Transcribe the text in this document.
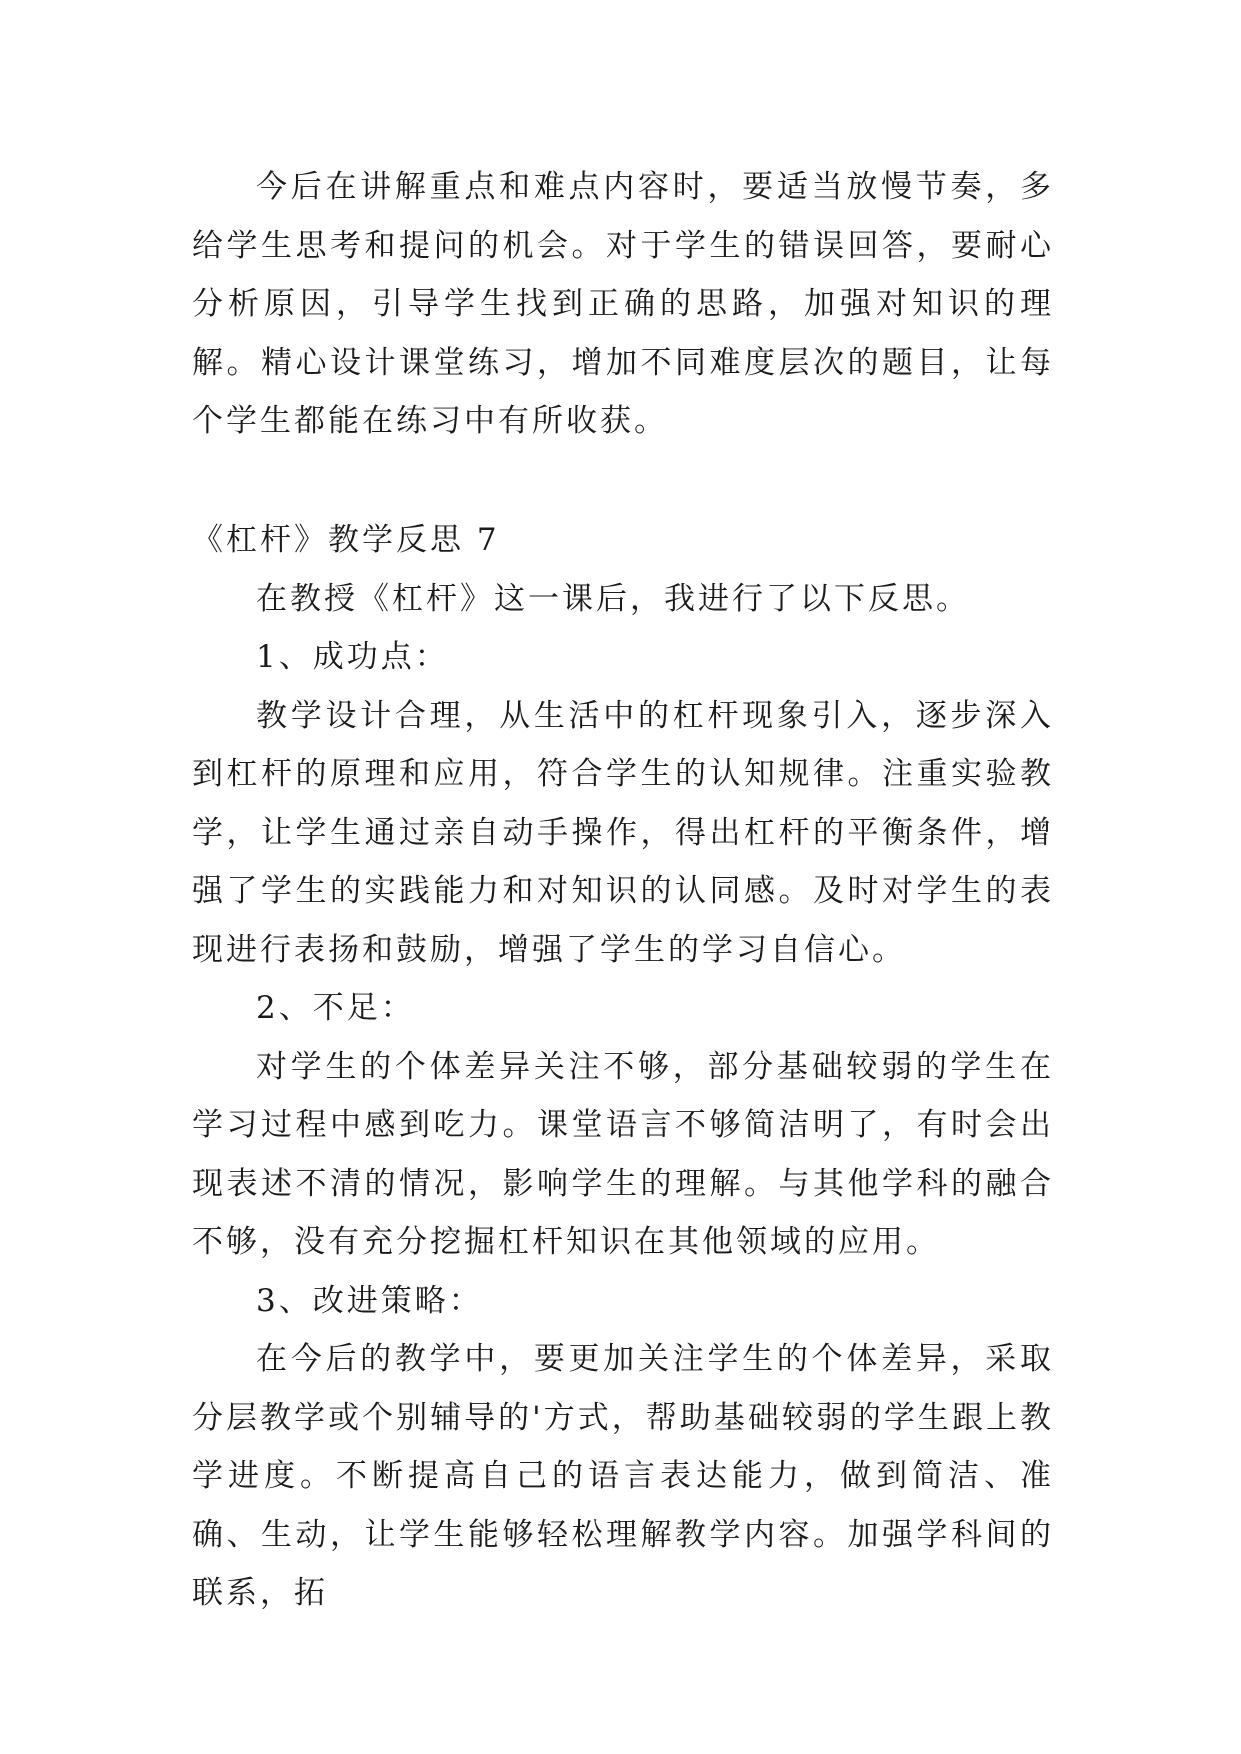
今后在讲解重点和难点内容时，要适当放慢节奏，多给学生思考和提问的机会。对于学生的错误回答，要耐心分析原因，引导学生找到正确的思路，加强对知识的理解。精心设计课堂练习，增加不同难度层次的题目，让每个学生都能在练习中有所收获。

《杠杆》教学反思 7

在教授《杠杆》这一课后，我进行了以下反思。

1、成功点：

教学设计合理，从生活中的杠杆现象引入，逐步深入到杠杆的原理和应用，符合学生的认知规律。注重实验教学，让学生通过亲自动手操作，得出杠杆的平衡条件，增强了学生的实践能力和对知识的认同感。及时对学生的表现进行表扬和鼓励，增强了学生的学习自信心。

2、不足：

对学生的个体差异关注不够，部分基础较弱的学生在学习过程中感到吃力。课堂语言不够简洁明了，有时会出现表述不清的情况，影响学生的理解。与其他学科的融合不够，没有充分挖掘杠杆知识在其他领域的应用。

3、改进策略：

在今后的教学中，要更加关注学生的个体差异，采取分层教学或个别辅导的'方式，帮助基础较弱的学生跟上教学进度。不断提高自己的语言表达能力，做到简洁、准确、生动，让学生能够轻松理解教学内容。加强学科间的联系，拓
